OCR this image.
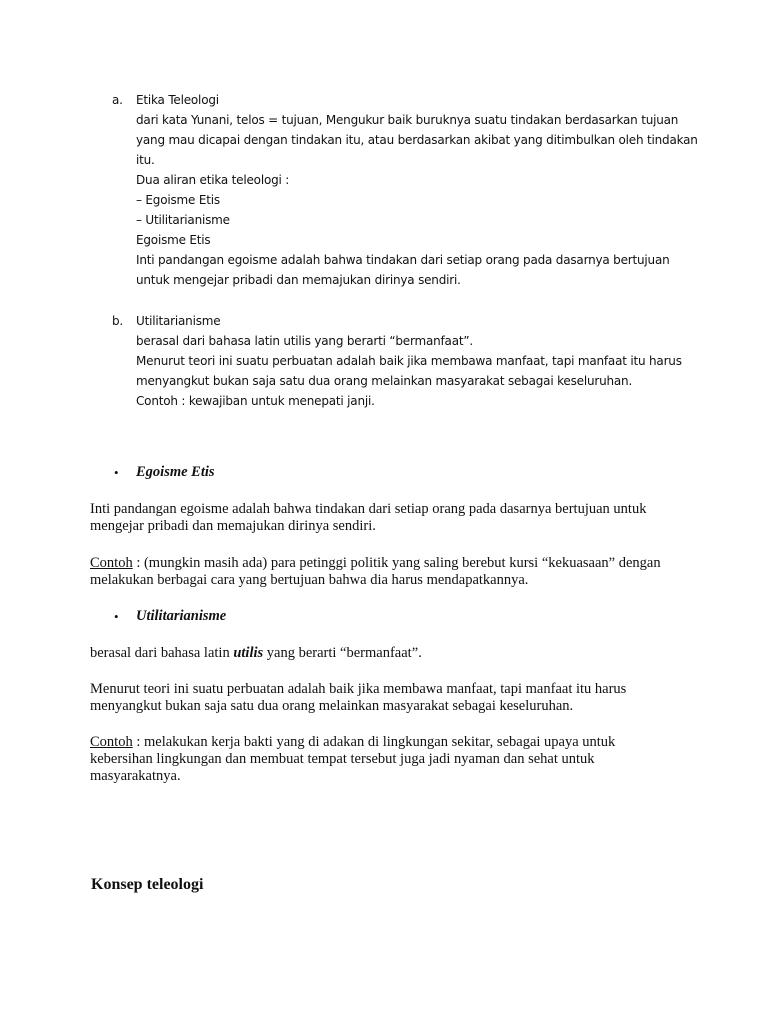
a.	Etika Teleologi
dari kata Yunani, telos = tujuan, Mengukur baik buruknya suatu tindakan berdasarkan tujuan
yang mau dicapai dengan tindakan itu, atau berdasarkan akibat yang ditimbulkan oleh tindakan
itu.
Dua aliran etika teleologi :
– Egoisme Etis
– Utilitarianisme
Egoisme Etis
Inti pandangan egoisme adalah bahwa tindakan dari setiap orang pada dasarnya bertujuan
untuk mengejar pribadi dan memajukan dirinya sendiri.
b.	Utilitarianisme
berasal dari bahasa latin utilis yang berarti “bermanfaat”.
Menurut teori ini suatu perbuatan adalah baik jika membawa manfaat, tapi manfaat itu harus
menyangkut bukan saja satu dua orang melainkan masyarakat sebagai keseluruhan.
Contoh : kewajiban untuk menepati janji.
• Egoisme Etis

Inti pandangan egoisme adalah bahwa tindakan dari setiap orang pada dasarnya bertujuan untuk mengejar pribadi dan memajukan dirinya sendiri.

Contoh : (mungkin masih ada) para petinggi politik yang saling berebut kursi “kekuasaan” dengan melakukan berbagai cara yang bertujuan bahwa dia harus mendapatkannya.

• Utilitarianisme

berasal dari bahasa latin utilis yang berarti “bermanfaat”.

Menurut teori ini suatu perbuatan adalah baik jika membawa manfaat, tapi manfaat itu harus menyangkut bukan saja satu dua orang melainkan masyarakat sebagai keseluruhan.

Contoh : melakukan kerja bakti yang di adakan di lingkungan sekitar, sebagai upaya untuk kebersihan lingkungan dan membuat tempat tersebut juga jadi nyaman dan sehat untuk masyarakatnya.

Konsep teleologi
